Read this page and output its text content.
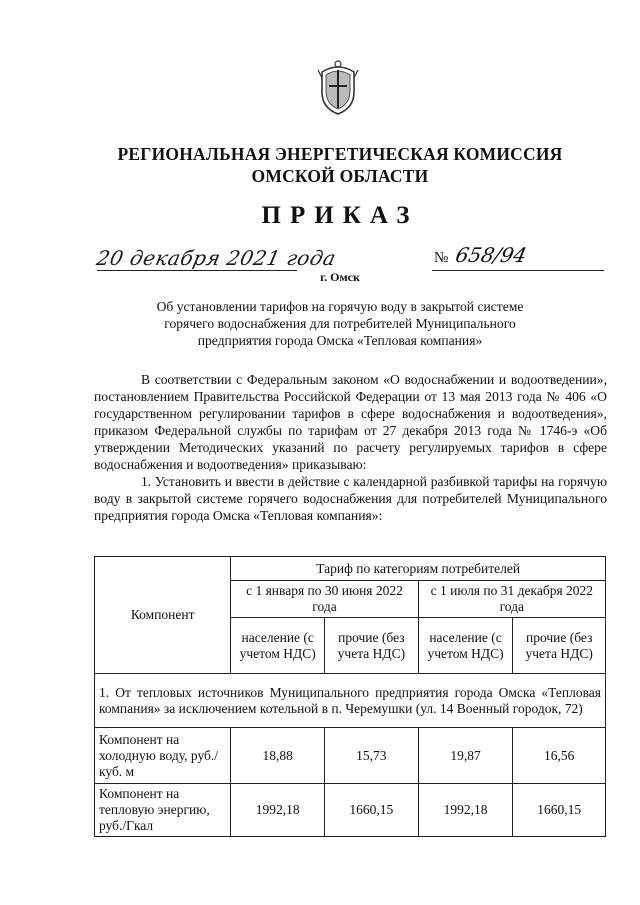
РЕГИОНАЛЬНАЯ ЭНЕРГЕТИЧЕСКАЯ КОМИССИЯ
ОМСКОЙ ОБЛАСТИ
ПРИКАЗ
20 декабря 2021 года	№ 658/94
г. Омск
Об установлении тарифов на горячую воду в закрытой системе
горячего водоснабжения для потребителей Муниципального
предприятия города Омска «Тепловая компания»

В соответствии с Федеральным законом «О водоснабжении и водоотведении», постановлением Правительства Российской Федерации от 13 мая 2013 года № 406 «О государственном регулировании тарифов в сфере водоснабжения и водоотведения», приказом Федеральной службы по тарифам от 27 декабря 2013 года № 1746-э «Об утверждении Методических указаний по расчету регулируемых тарифов в сфере водоснабжения и водоотведения» приказываю:

1. Установить и ввести в действие с календарной разбивкой тарифы на горячую воду в закрытой системе горячего водоснабжения для потребителей Муниципального предприятия города Омска «Тепловая компания»:

Компонент	Тариф по категориям потребителей			
	с 1 января по 30 июня 2022 года		с 1 июля по 31 декабря 2022 года	
	население (с учетом НДС)	прочие (без учета НДС)	население (с учетом НДС)	прочие (без учета НДС)
1. От тепловых источников Муниципального предприятия города Омска «Тепловая компания» за исключением котельной в п. Черемушки (ул. 14 Военный городок, 72)				
Компонент на холодную воду, руб./куб. м	18,88	15,73	19,87	16,56
Компонент на тепловую энергию, руб./Гкал	1992,18	1660,15	1992,18	1660,15
